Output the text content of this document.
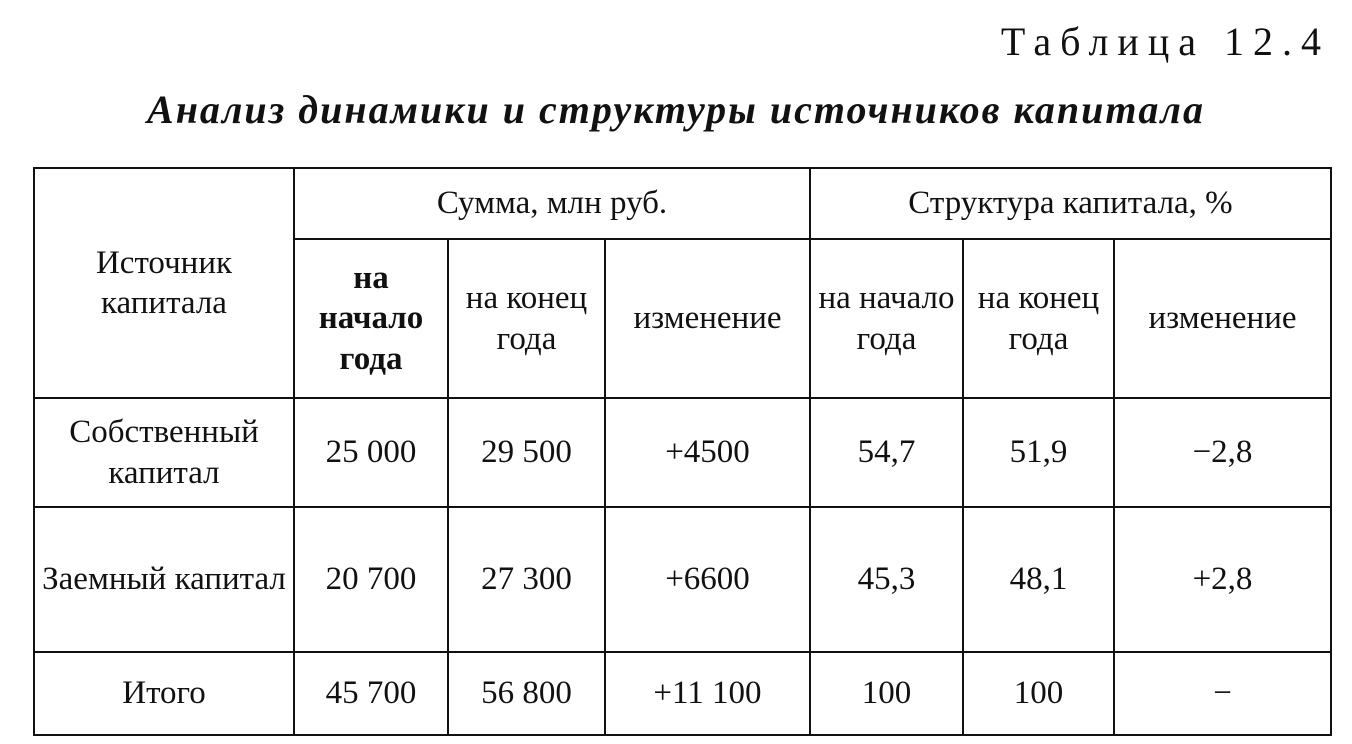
Таблица 12.4
Анализ динамики и структуры источников капитала
Источник капитала	Сумма, млн руб.			Структура капитала, %		
	на начало года	на конец года	изменение	на начало года	на конец года	изменение
Собственный капитал	25 000	29 500	+4500	54,7	51,9	−2,8
Заемный капитал	20 700	27 300	+6600	45,3	48,1	+2,8
Итого	45 700	56 800	+11 100	100	100	−
